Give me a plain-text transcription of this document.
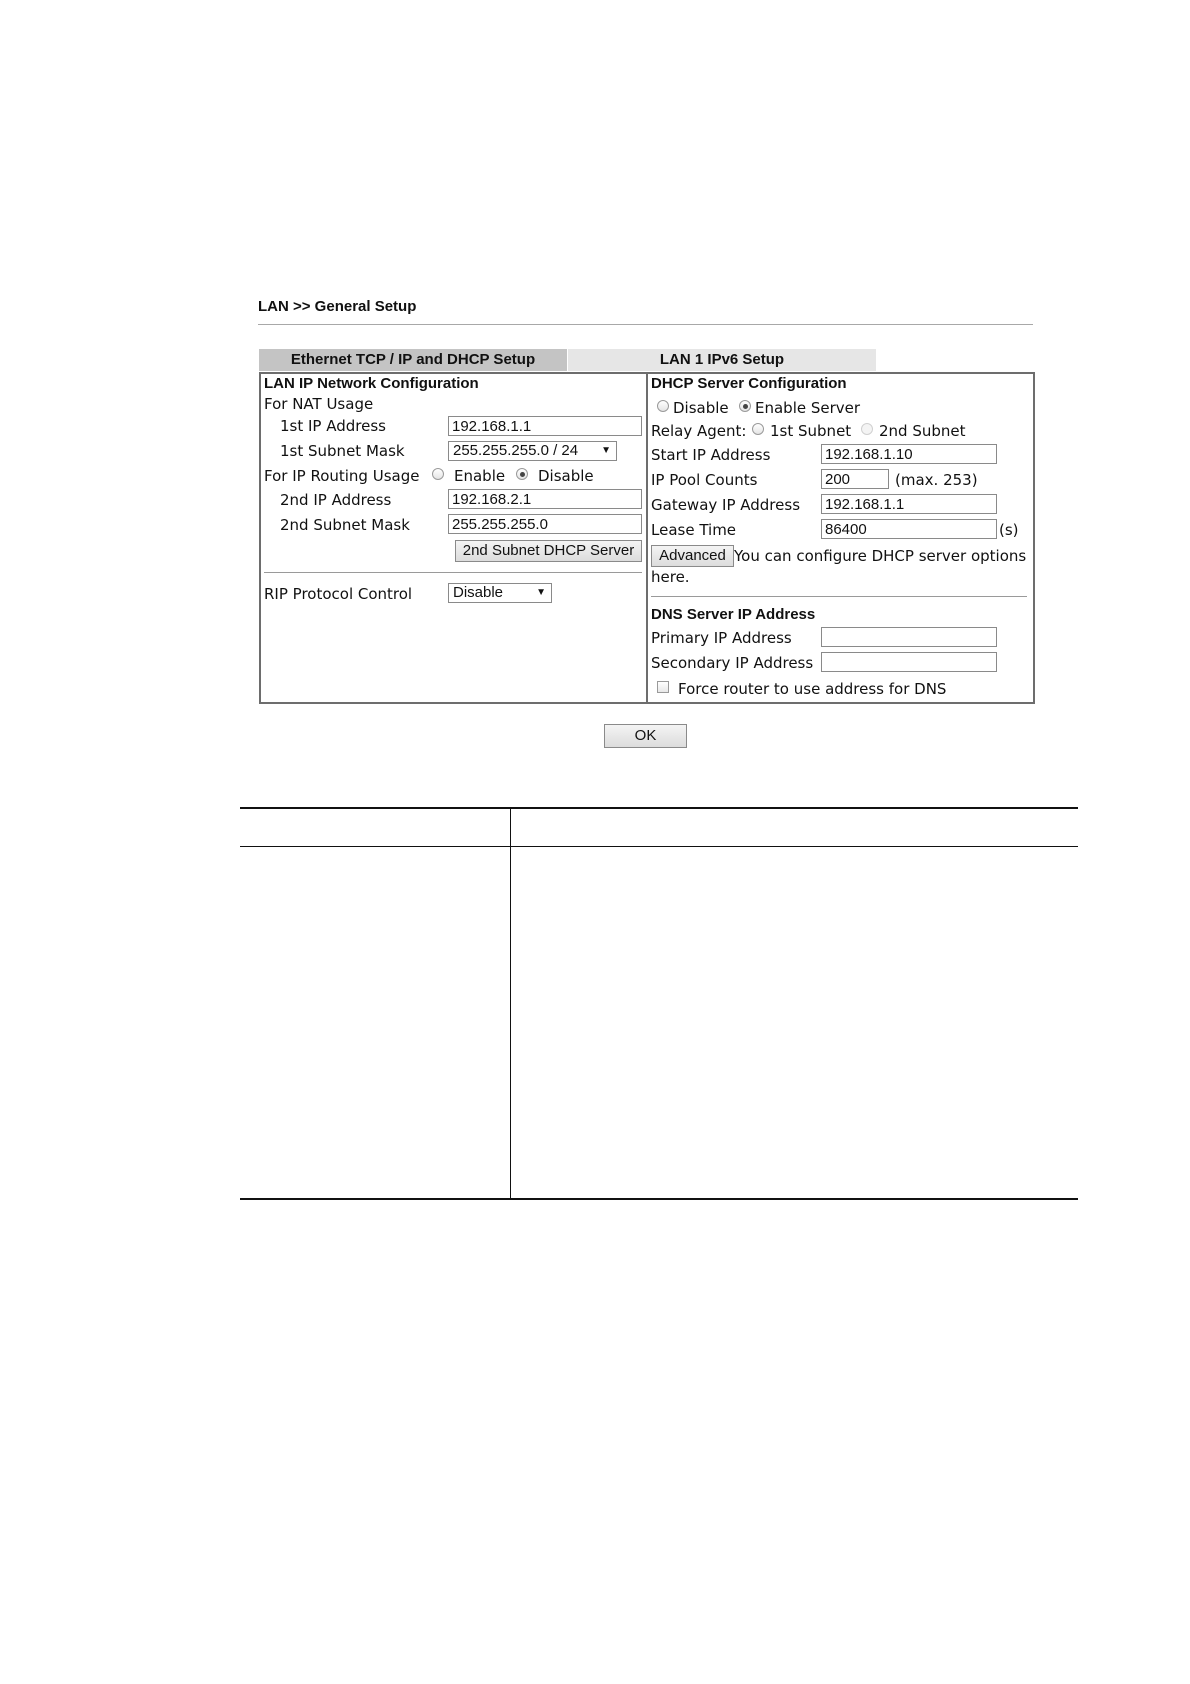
LAN >> General Setup
Ethernet TCP / IP and DHCP Setup	LAN 1 IPv6 Setup
LAN IP Network Configuration
For NAT Usage
1st IP Address	192.168.1.1
1st Subnet Mask	255.255.255.0 / 24 ▼
For IP Routing Usage Enable Disable
2nd IP Address	192.168.2.1
2nd Subnet Mask	255.255.255.0
2nd Subnet DHCP Server
RIP Protocol Control	Disable	▼
DHCP Server Configuration
Disable Enable Server
Relay Agent: 1st Subnet 2nd Subnet
Start IP Address	192.168.1.10
IP Pool Counts	200	(max. 253)
Gateway IP Address 192.168.1.1
Lease Time	86400	(s)
Advanced You can configure DHCP server options
here.
DNS Server IP Address
Primary IP Address
Secondary IP Address
Force router to use address for DNS
OK
